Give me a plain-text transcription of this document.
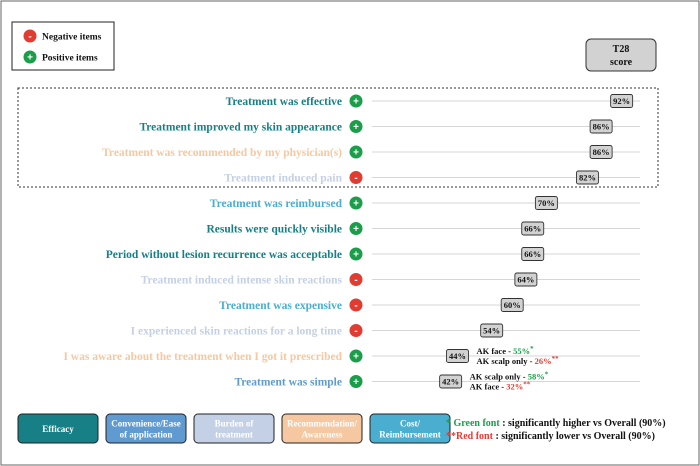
- Negative items
+ Positive items
T28
score
Treatment was effective +	92%
Treatment improved my skin appearance +	86%
Treatment was recommended by my physician(s) +	86%
Treatment induced pain -	82%
Treatment was reimbursed +	70%
Results were quickly visible +	66%
Period without lesion recurrence was acceptable +	66%
Treatment induced intense skin reactions -	64%
Treatment was expensive -	60%
I experienced skin reactions for a long time -	54%
I was aware about the treatment when I got it prescribed +	44% AK face - 55%*
AK scalp only - 26%**
Treatment was simple +	42% AK scalp only - 58%*
AK face - 32%**
Efficacy
Convenience/Ease
of application
Burden of
treatment
Recommendation/
Awareness
Cost/
Reimbursement
* Green font : significantly higher vs Overall (90%)
**Red font : significantly lower vs Overall (90%)
